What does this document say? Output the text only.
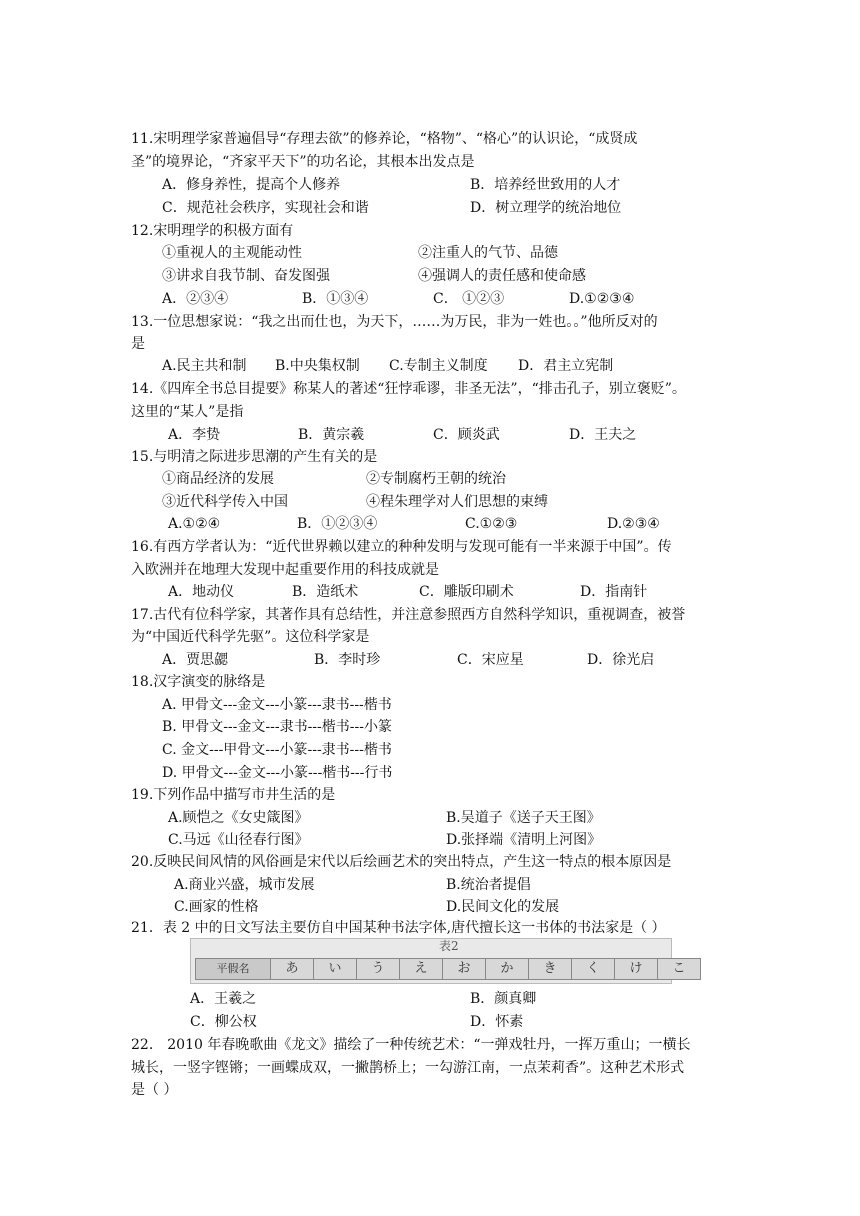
11.宋明理学家普遍倡导“存理去欲”的修养论，“格物”、“格心”的认识论，“成贤成
圣”的境界论，“齐家平天下”的功名论，其根本出发点是
A．修身养性，提高个人修养	B．培养经世致用的人才
C．规范社会秩序，实现社会和谐	D．树立理学的统治地位
12.宋明理学的积极方面有
①重视人的主观能动性	②注重人的气节、品德
③讲求自我节制、奋发图强	④强调人的责任感和使命感
A．②③④	B．①③④	C． ①②③	D.①②③④
13.一位思想家说：“我之出而仕也，为天下，……为万民，非为一姓也。。”他所反对的
是
A.民主共和制 B.中央集权制 C.专制主义制度 D．君主立宪制
14.《四库全书总目提要》称某人的著述“狂悖乖谬，非圣无法”，“排击孔子，别立褒贬”。
这里的“某人”是指
A．李贽	B．黄宗羲	C．顾炎武	D．王夫之
15.与明清之际进步思潮的产生有关的是
①商品经济的发展	②专制腐朽王朝的统治
③近代科学传入中国	④程朱理学对人们思想的束缚
A.①②④	B．①②③④	C.①②③	D.②③④
16.有西方学者认为：“近代世界赖以建立的种种发明与发现可能有一半来源于中国”。传
入欧洲并在地理大发现中起重要作用的科技成就是
A．地动仪	B．造纸术	C．雕版印刷术	D．指南针
17.古代有位科学家，其著作具有总结性，并注意参照西方自然科学知识，重视调查，被誉
为“中国近代科学先驱”。这位科学家是
A．贾思勰	B．李时珍	C．宋应星	D．徐光启
18.汉字演变的脉络是
A. 甲骨文---金文---小篆---隶书---楷书
B. 甲骨文---金文---隶书---楷书---小篆
C. 金文---甲骨文---小篆---隶书---楷书
D. 甲骨文---金文---小篆---楷书---行书
19.下列作品中描写市井生活的是
A.顾恺之《女史箴图》	B.吴道子《送子天王图》
C.马远《山径春行图》	D.张择端《清明上河图》
20.反映民间风情的风俗画是宋代以后绘画艺术的突出特点，产生这一特点的根本原因是
A.商业兴盛，城市发展	B.统治者提倡
C.画家的性格	D.民间文化的发展
21．表 2 中的日文写法主要仿自中国某种书法字体,唐代擅长这一书体的书法家是（ ）
表2
平假名	あ	い	う	え	お	か	き	く	け	こ
A．王羲之	B．颜真卿
C．柳公权	D．怀素
22． 2010 年春晚歌曲《龙文》描绘了一种传统艺术：“一弹戏牡丹，一挥万重山；一横长
城长，一竖字铿锵；一画蝶成双，一撇鹊桥上；一勾游江南，一点茉莉香”。这种艺术形式
是（ ）
